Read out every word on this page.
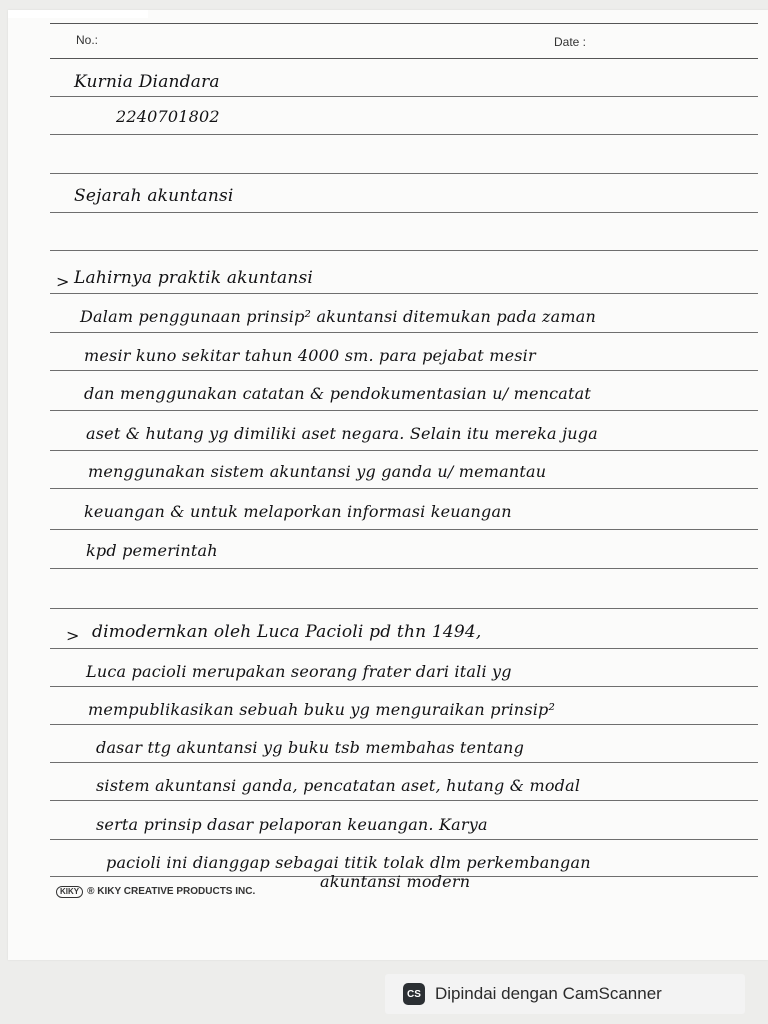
No.:	Date :
Kurnia Diandara
2240701802
Sejarah akuntansi
> Lahirnya praktik akuntansi
Dalam penggunaan prinsip² akuntansi ditemukan pada zaman
mesir kuno sekitar tahun 4000 sm. para pejabat mesir
dan menggunakan catatan & pendokumentasian u/ mencatat
aset & hutang yg dimiliki aset negara. Selain itu mereka juga
menggunakan sistem akuntansi yg ganda u/ memantau
keuangan & untuk melaporkan informasi keuangan
kpd pemerintah
> dimodernkan oleh Luca Pacioli pd thn 1494,
Luca pacioli merupakan seorang frater dari itali yg
mempublikasikan sebuah buku yg menguraikan prinsip²
dasar ttg akuntansi yg buku tsb membahas tentang
sistem akuntansi ganda, pencatatan aset, hutang & modal
serta prinsip dasar pelaporan keuangan. Karya
pacioli ini dianggap sebagai titik tolak dlm perkembangan
akuntansi modern
KIKY ® KIKY CREATIVE PRODUCTS INC.
CS Dipindai dengan CamScanner
